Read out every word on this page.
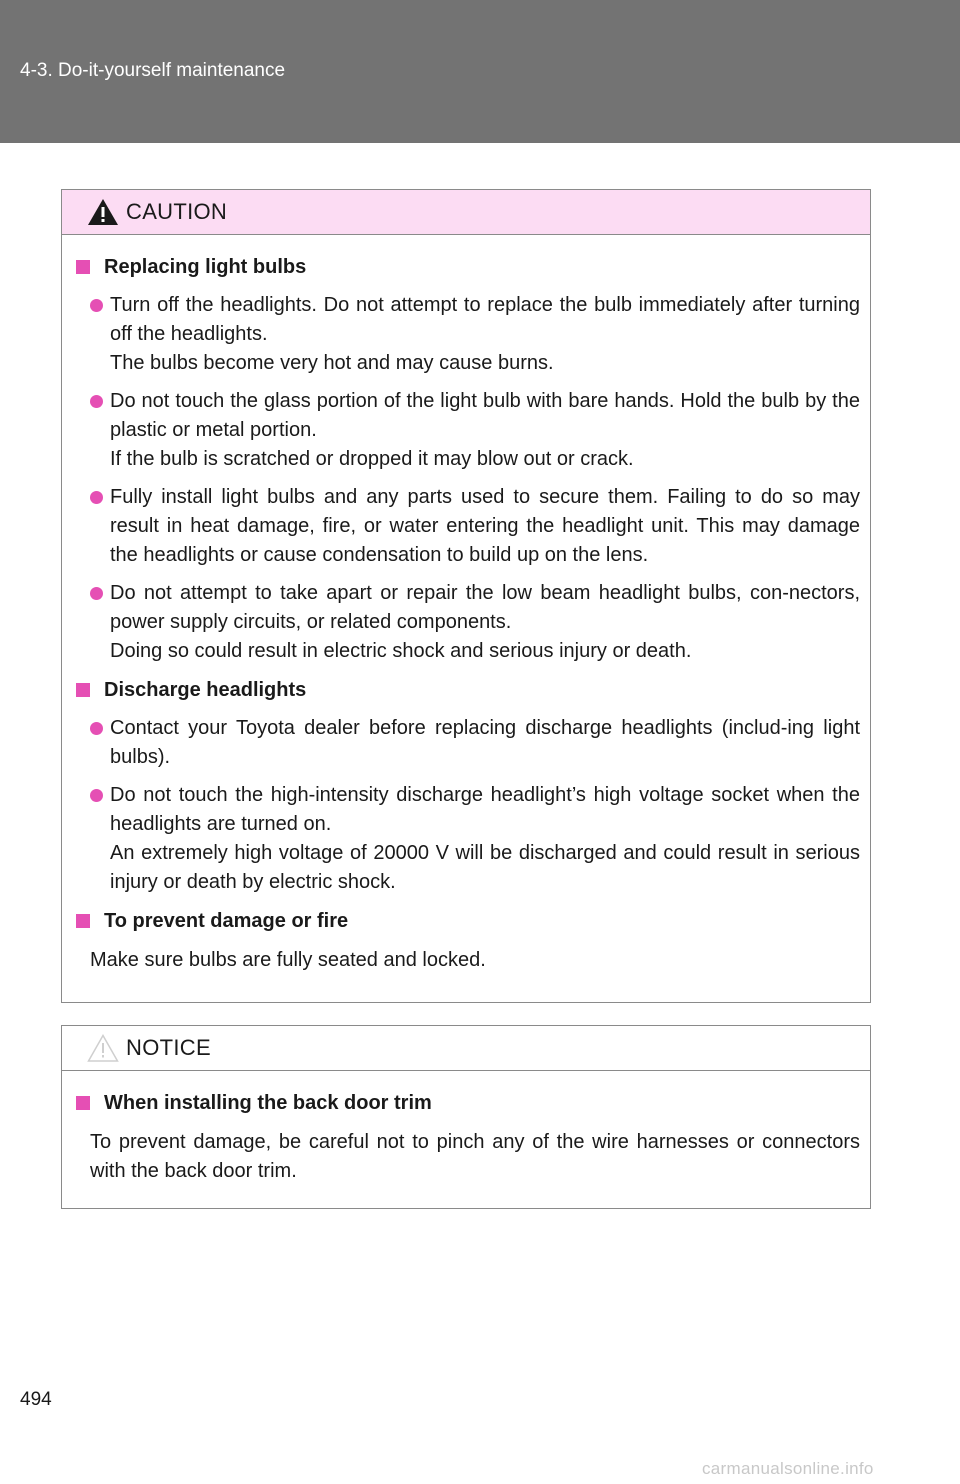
4-3. Do-it-yourself maintenance
CAUTION
Replacing light bulbs
Turn off the headlights. Do not attempt to replace the bulb immediately after turning off the headlights.
The bulbs become very hot and may cause burns.
Do not touch the glass portion of the light bulb with bare hands. Hold the bulb by the plastic or metal portion.
If the bulb is scratched or dropped it may blow out or crack.
Fully install light bulbs and any parts used to secure them. Failing to do so may result in heat damage, fire, or water entering the headlight unit. This may damage the headlights or cause condensation to build up on the lens.
Do not attempt to take apart or repair the low beam headlight bulbs, con-nectors, power supply circuits, or related components.
Doing so could result in electric shock and serious injury or death.
Discharge headlights
Contact your Toyota dealer before replacing discharge headlights (includ-ing light bulbs).
Do not touch the high-intensity discharge headlight’s high voltage socket when the headlights are turned on.
An extremely high voltage of 20000 V will be discharged and could result in serious injury or death by electric shock.
To prevent damage or fire
Make sure bulbs are fully seated and locked.
NOTICE
When installing the back door trim
To prevent damage, be careful not to pinch any of the wire harnesses or connectors with the back door trim.
494
carmanualsonline.info
